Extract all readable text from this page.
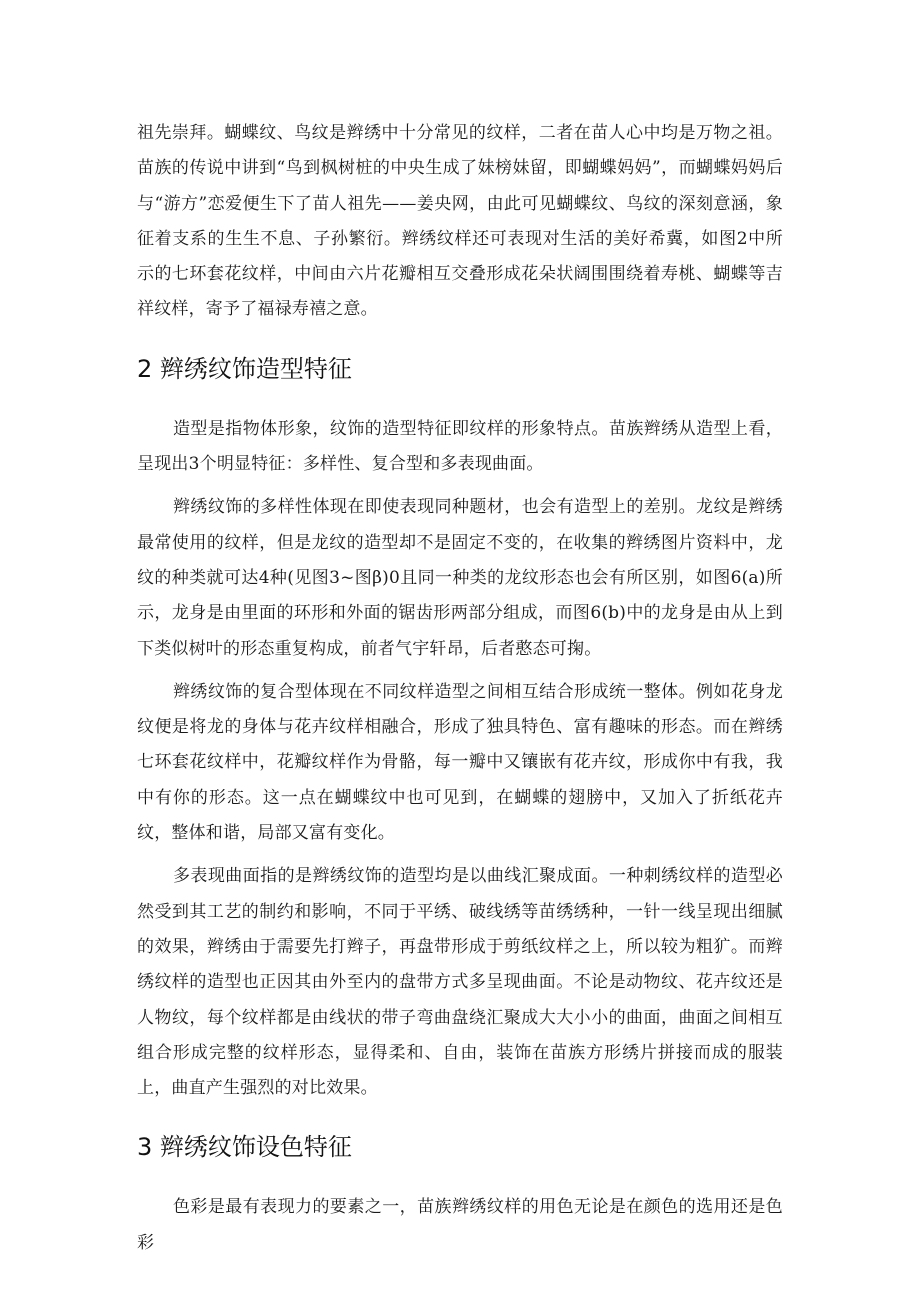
祖先崇拜。蝴蝶纹、鸟纹是辫绣中十分常见的纹样，二者在苗人心中均是万物之祖。苗族的传说中讲到“鸟到枫树桩的中央生成了妹榜妹留，即蝴蝶妈妈”，而蝴蝶妈妈后与“游方”恋爱便生下了苗人祖先——姜央网，由此可见蝴蝶纹、鸟纹的深刻意涵，象征着支系的生生不息、子孙繁衍。辫绣纹样还可表现对生活的美好希冀，如图2中所示的七环套花纹样，中间由六片花瓣相互交叠形成花朵状阔围围绕着寿桃、蝴蝶等吉祥纹样，寄予了福禄寿禧之意。

2 辫绣纹饰造型特征

造型是指物体形象，纹饰的造型特征即纹样的形象特点。苗族辫绣从造型上看，呈现出3个明显特征：多样性、复合型和多表现曲面。

辫绣纹饰的多样性体现在即使表现同种题材，也会有造型上的差别。龙纹是辫绣最常使用的纹样，但是龙纹的造型却不是固定不变的，在收集的辫绣图片资料中，龙纹的种类就可达4种(见图3~图β)0且同一种类的龙纹形态也会有所区别，如图6(a)所示，龙身是由里面的环形和外面的锯齿形两部分组成，而图6(b)中的龙身是由从上到下类似树叶的形态重复构成，前者气宇轩昂，后者憨态可掬。

辫绣纹饰的复合型体现在不同纹样造型之间相互结合形成统一整体。例如花身龙纹便是将龙的身体与花卉纹样相融合，形成了独具特色、富有趣味的形态。而在辫绣七环套花纹样中，花瓣纹样作为骨骼，每一瓣中又镶嵌有花卉纹，形成你中有我，我中有你的形态。这一点在蝴蝶纹中也可见到，在蝴蝶的翅膀中，又加入了折纸花卉纹，整体和谐，局部又富有变化。

多表现曲面指的是辫绣纹饰的造型均是以曲线汇聚成面。一种刺绣纹样的造型必然受到其工艺的制约和影响，不同于平绣、破线绣等苗绣绣种，一针一线呈现出细腻的效果，辫绣由于需要先打辫子，再盘带形成于剪纸纹样之上，所以较为粗犷。而辫绣纹样的造型也正因其由外至内的盘带方式多呈现曲面。不论是动物纹、花卉纹还是人物纹，每个纹样都是由线状的带子弯曲盘绕汇聚成大大小小的曲面，曲面之间相互组合形成完整的纹样形态，显得柔和、自由，装饰在苗族方形绣片拼接而成的服装上，曲直产生强烈的对比效果。

3 辫绣纹饰设色特征

色彩是最有表现力的要素之一，苗族辫绣纹样的用色无论是在颜色的选用还是色彩
